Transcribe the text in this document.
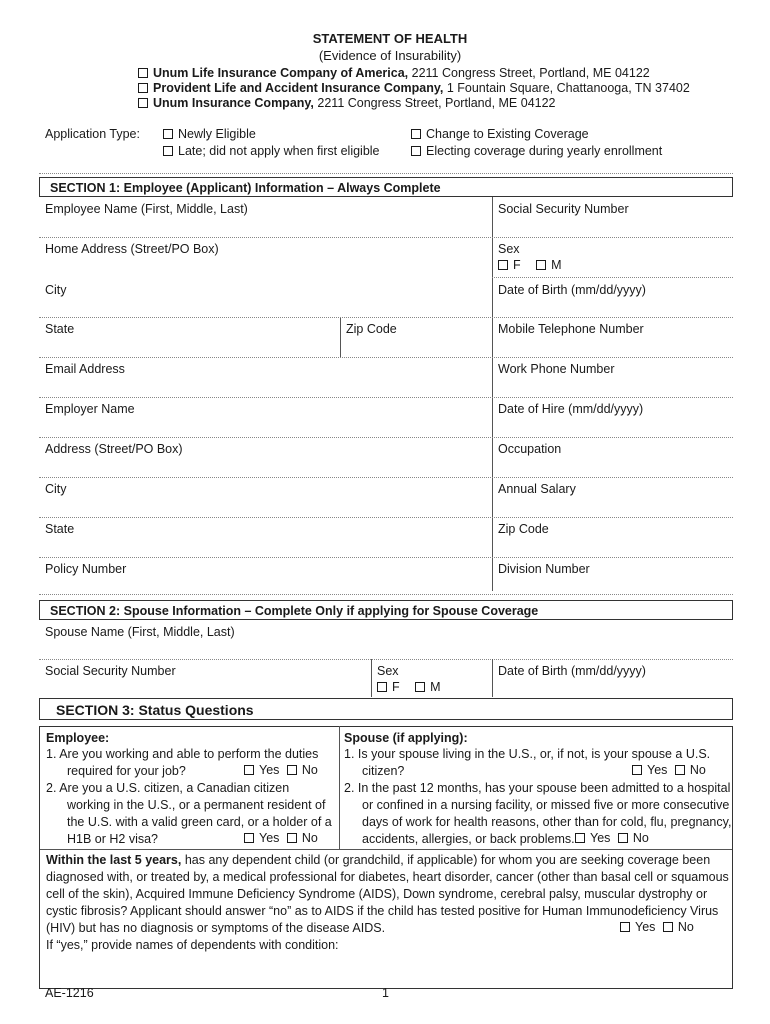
STATEMENT OF HEALTH
(Evidence of Insurability)
Unum Life Insurance Company of America, 2211 Congress Street, Portland, ME 04122
Provident Life and Accident Insurance Company, 1 Fountain Square, Chattanooga, TN 37402
Unum Insurance Company, 2211 Congress Street, Portland, ME 04122
Application Type:	Newly Eligible
Late; did not apply when first eligible
Change to Existing Coverage
Electing coverage during yearly enrollment
SECTION 1: Employee (Applicant) Information – Always Complete
Employee Name (First, Middle, Last)	Social Security Number
Home Address (Street/PO Box)	Sex
F M
City	Date of Birth (mm/dd/yyyy)
State	Zip Code	Mobile Telephone Number
Email Address	Work Phone Number
Employer Name	Date of Hire (mm/dd/yyyy)
Address (Street/PO Box)	Occupation
City	Annual Salary
State	Zip Code
Policy Number	Division Number
SECTION 2: Spouse Information – Complete Only if applying for Spouse Coverage
Spouse Name (First, Middle, Last)
Social Security Number	Sex
F M
Date of Birth (mm/dd/yyyy)
SECTION 3: Status Questions
Employee:
1. Are you working and able to perform the duties
required for your job?	Yes No
2. Are you a U.S. citizen, a Canadian citizen
working in the U.S., or a permanent resident of
the U.S. with a valid green card, or a holder of a
H1B or H2 visa?	Yes No
Spouse (if applying):
1. Is your spouse living in the U.S., or, if not, is your spouse a U.S.
citizen?	Yes No
2. In the past 12 months, has your spouse been admitted to a hospital
or confined in a nursing facility, or missed five or more consecutive
days of work for health reasons, other than for cold, flu, pregnancy,
accidents, allergies, or back problems.	Yes No
Within the last 5 years, has any dependent child (or grandchild, if applicable) for whom you are seeking coverage been
diagnosed with, or treated by, a medical professional for diabetes, heart disorder, cancer (other than basal cell or squamous
cell of the skin), Acquired Immune Deficiency Syndrome (AIDS), Down syndrome, cerebral palsy, muscular dystrophy or
cystic fibrosis? Applicant should answer “no” as to AIDS if the child has tested positive for Human Immunodeficiency Virus
(HIV) but has no diagnosis or symptoms of the disease AIDS.	Yes No
If “yes,” provide names of dependents with condition:
AE-1216	1
